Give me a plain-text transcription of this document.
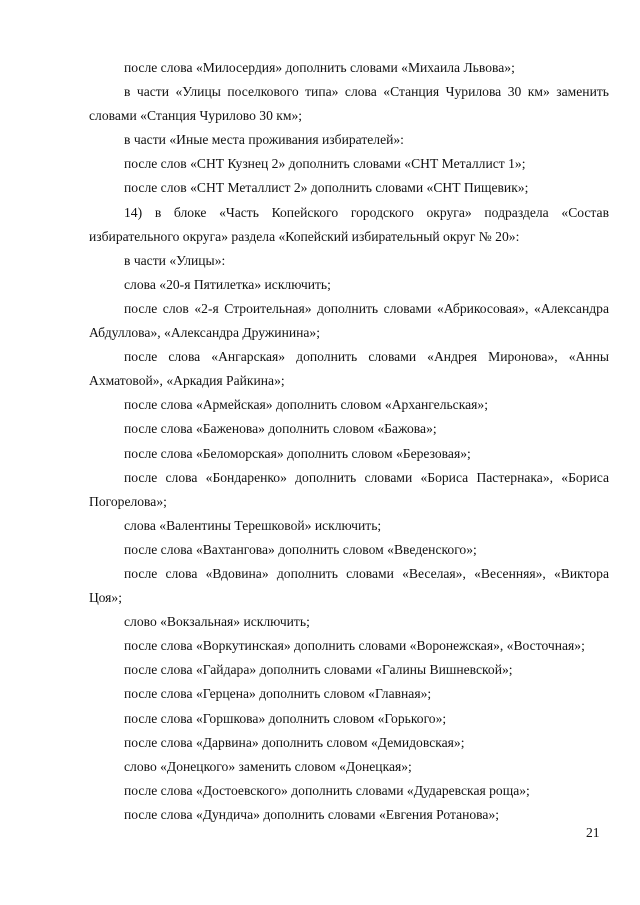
после слова «Милосердия» дополнить словами «Михаила Львова»;

в части «Улицы поселкового типа» слова «Станция Чурилова 30 км» заменить словами «Станция Чурилово 30 км»;

в части «Иные места проживания избирателей»:

после слов «СНТ Кузнец 2» дополнить словами «СНТ Металлист 1»;

после слов «СНТ Металлист 2» дополнить словами «СНТ Пищевик»;

14) в блоке «Часть Копейского городского округа» подраздела «Состав избирательного округа» раздела «Копейский избирательный округ № 20»:

в части «Улицы»:

слова «20-я Пятилетка» исключить;

после слов «2-я Строительная» дополнить словами «Абрикосовая», «Александра Абдуллова», «Александра Дружинина»;

после слова «Ангарская» дополнить словами «Андрея Миронова», «Анны Ахматовой», «Аркадия Райкина»;

после слова «Армейская» дополнить словом «Архангельская»;

после слова «Баженова» дополнить словом «Бажова»;

после слова «Беломорская» дополнить словом «Березовая»;

после слова «Бондаренко» дополнить словами «Бориса Пастернака», «Бориса Погорелова»;

слова «Валентины Терешковой» исключить;

после слова «Вахтангова» дополнить словом «Введенского»;

после слова «Вдовина» дополнить словами «Веселая», «Весенняя», «Виктора Цоя»;

слово «Вокзальная» исключить;

после слова «Воркутинская» дополнить словами «Воронежская», «Восточная»;

после слова «Гайдара» дополнить словами «Галины Вишневской»;

после слова «Герцена» дополнить словом «Главная»;

после слова «Горшкова» дополнить словом «Горького»;

после слова «Дарвина» дополнить словом «Демидовская»;

слово «Донецкого» заменить словом «Донецкая»;

после слова «Достоевского» дополнить словами «Дударевская роща»;

после слова «Дундича» дополнить словами «Евгения Ротанова»;

21
